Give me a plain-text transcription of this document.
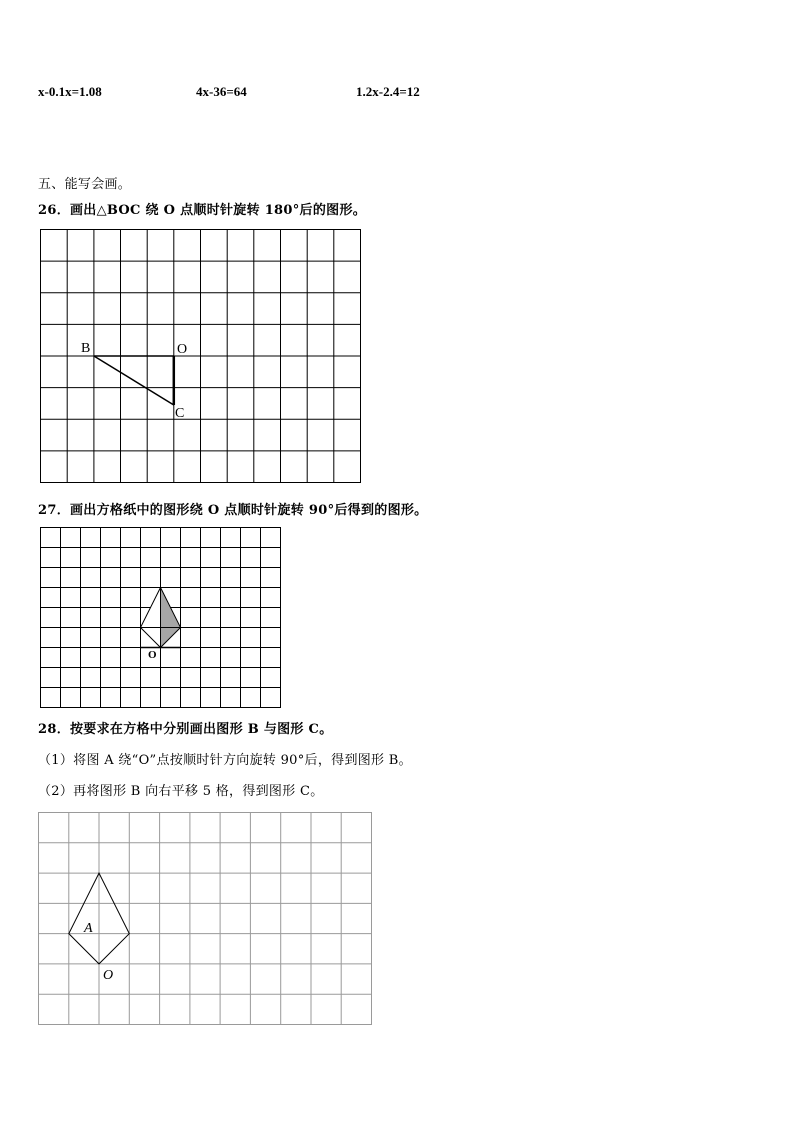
x-0.1x=1.08	4x-36=64	1.2x-2.4=12
五、能写会画。
26．画出△BOC 绕 O 点顺时针旋转 180°后的图形。
B	O
C
27．画出方格纸中的图形绕 O 点顺时针旋转 90°后得到的图形。
O
28．按要求在方格中分别画出图形 B 与图形 C。
（1）将图 A 绕“O”点按顺时针方向旋转 90°后，得到图形 B。
（2）再将图形 B 向右平移 5 格，得到图形 C。
A
O
